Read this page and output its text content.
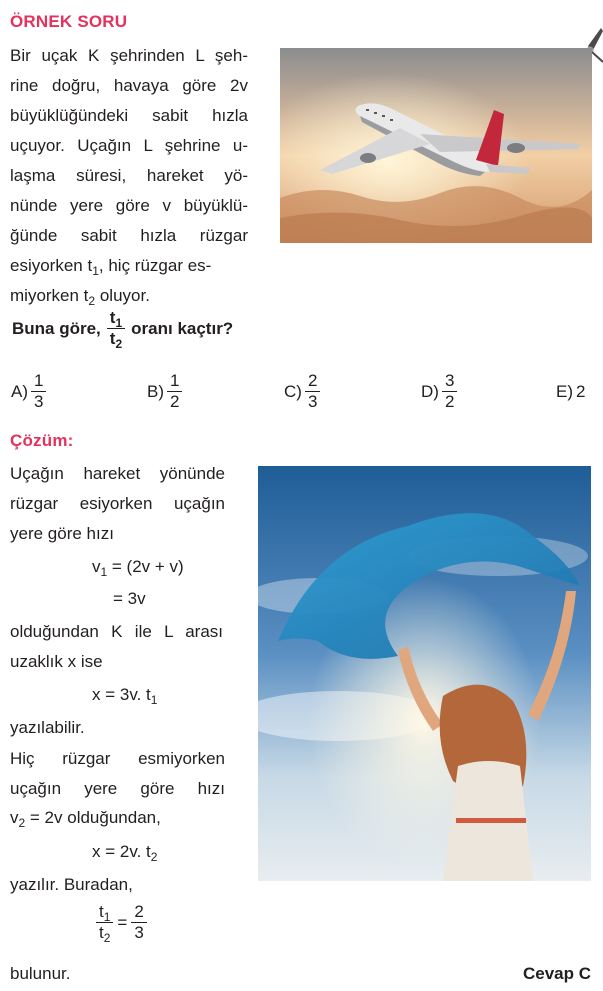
ÖRNEK SORU
Bir uçak K şehrinden L şeh-
rine doğru, havaya göre 2v
büyüklüğündeki sabit hızla
uçuyor. Uçağın L şehrine u-
laşma süresi, hareket yö-
nünde yere göre v büyüklü-
ğünde sabit hızla rüzgar
esiyorken $t_1$, hiç rüzgar es-
miyorken $t_2$ oluyor.
Buna göre, $\frac{t_1}{t_2}$ oranı kaçtır?
$A) \frac{1}{3}$	$B) \frac{1}{2}$	$C) \frac{2}{3}$	$D) \frac{3}{2}$	E) 2
Çözüm:
Uçağın hareket yönünde
rüzgar esiyorken uçağın
yere göre hızı
$v_1 = (2v + v)$
= 3v
olduğundan K ile L arası
uzaklık x ise
x = 3v. $t_1$
yazılabilir.
Hiç rüzgar esmiyorken
uçağın yere göre hızı
$v_2 = 2v$ olduğundan,
x = 2v. $t_2$
yazılır. Buradan,
$\frac{t_1}{t_2} = \frac{2}{3}$
bulunur.	Cevap C
